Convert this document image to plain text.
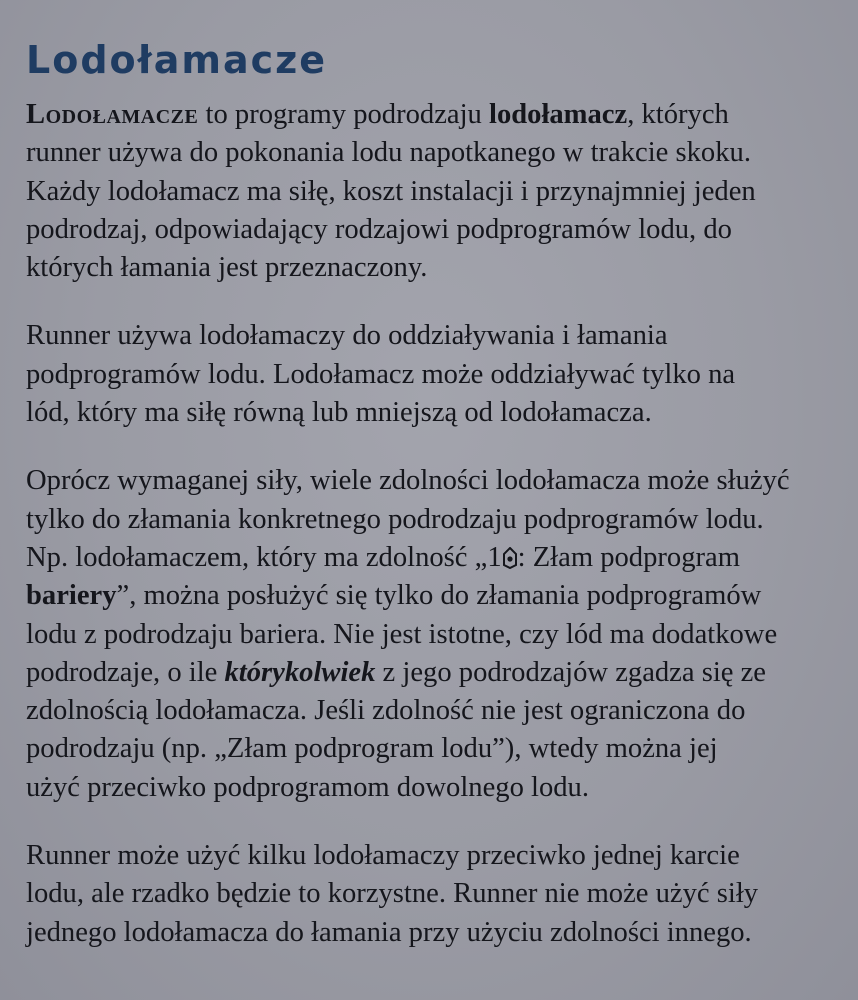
Lodołamacze
Lodołamacze to programy podrodzaju lodołamacz, których
runner używa do pokonania lodu napotkanego w trakcie skoku.
Każdy lodołamacz ma siłę, koszt instalacji i przynajmniej jeden
podrodzaj, odpowiadający rodzajowi podprogramów lodu, do
których łamania jest przeznaczony.
Runner używa lodołamaczy do oddziaływania i łamania
podprogramów lodu. Lodołamacz może oddziaływać tylko na
lód, który ma siłę równą lub mniejszą od lodołamacza.
Oprócz wymaganej siły, wiele zdolności lodołamacza może służyć
tylko do złamania konkretnego podrodzaju podprogramów lodu.
Np. lodołamaczem, który ma zdolność „1 : Złam podprogram
bariery”, można posłużyć się tylko do złamania podprogramów
lodu z podrodzaju bariera. Nie jest istotne, czy lód ma dodatkowe
podrodzaje, o ile którykolwiek z jego podrodzajów zgadza się ze
zdolnością lodołamacza. Jeśli zdolność nie jest ograniczona do
podrodzaju (np. „Złam podprogram lodu”), wtedy można jej
użyć przeciwko podprogramom dowolnego lodu.
Runner może użyć kilku lodołamaczy przeciwko jednej karcie
lodu, ale rzadko będzie to korzystne. Runner nie może użyć siły
jednego lodołamacza do łamania przy użyciu zdolności innego.
